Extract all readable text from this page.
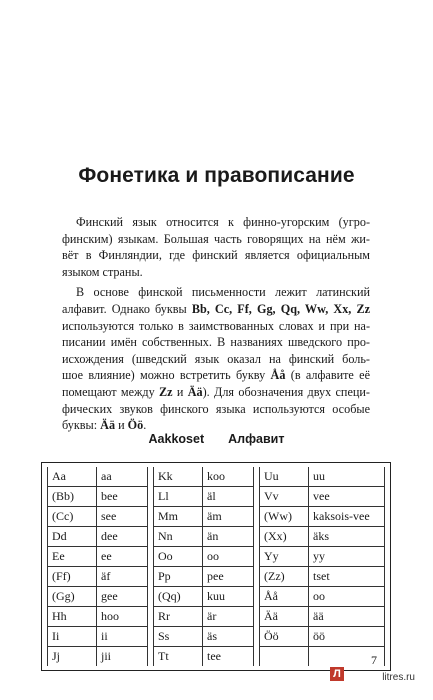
Фонетика и правописание

Финский язык относится к финно-угорским (угро-
финским) языкам. Большая часть говорящих на нём жи-
вёт в Финляндии, где финский является официальным
языком страны.

В основе финской письменности лежит латинский
алфавит. Однако буквы Bb, Cc, Ff, Gg, Qq, Ww, Xx, Zz
используются только в заимствованных словах и при на-
писании имён собственных. В названиях шведского про-
исхождения (шведский язык оказал на финский боль-
шое влияние) можно встретить букву Åå (в алфавите её
помещают между Zz и Ää). Для обозначения двух специ-
фических звуков финского языка используются особые
буквы: Ää и Öö.

Aakkoset Алфавит
	Aa	aa		Kk	koo		Uu	uu	
	(Bb)	bee		Ll	äl		Vv	vee	
	(Cc)	see		Mm	äm		(Ww)	kaksois-vee	
	Dd	dee		Nn	än		(Xx)	äks	
	Ee	ee		Oo	oo		Yy	yy	
	(Ff)	äf		Pp	pee		(Zz)	tset	
	(Gg)	gee		(Qq)	kuu		Åå	oo	
	Hh	hoo		Rr	är		Ää	ää	
	Ii	ii		Ss	äs		Öö	öö	
	Jj	jii		Tt	tee					7
Л	litres.ru
